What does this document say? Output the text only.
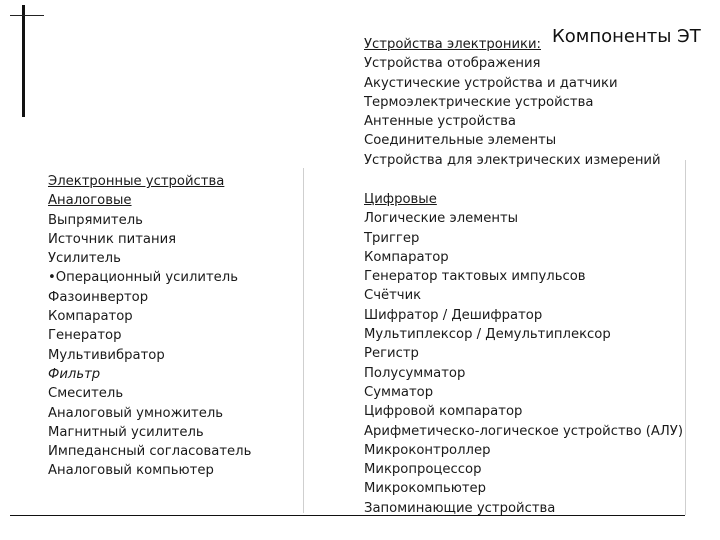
Компоненты ЭТ
Устройства электроники:
Устройства отображения
Акустические устройства и датчики
Термоэлектрические устройства
Антенные устройства
Соединительные элементы
Устройства для электрических измерений
Электронные устройства
Аналоговые
Выпрямитель
Источник питания
Усилитель
•Операционный усилитель
Фазоинвертор
Компаратор
Генератор
Мультивибратор
Фильтр
Смеситель
Аналоговый умножитель
Магнитный усилитель
Импедансный согласователь
Аналоговый компьютер
Цифровые
Логические элементы
Триггер
Компаратор
Генератор тактовых импульсов
Счётчик
Шифратор / Дешифратор
Мультиплексор / Демультиплексор
Регистр
Полусумматор
Сумматор
Цифровой компаратор
Арифметическо-логическое устройство (АЛУ)
Микроконтроллер
Микропроцессор
Микрокомпьютер
Запоминающие устройства
